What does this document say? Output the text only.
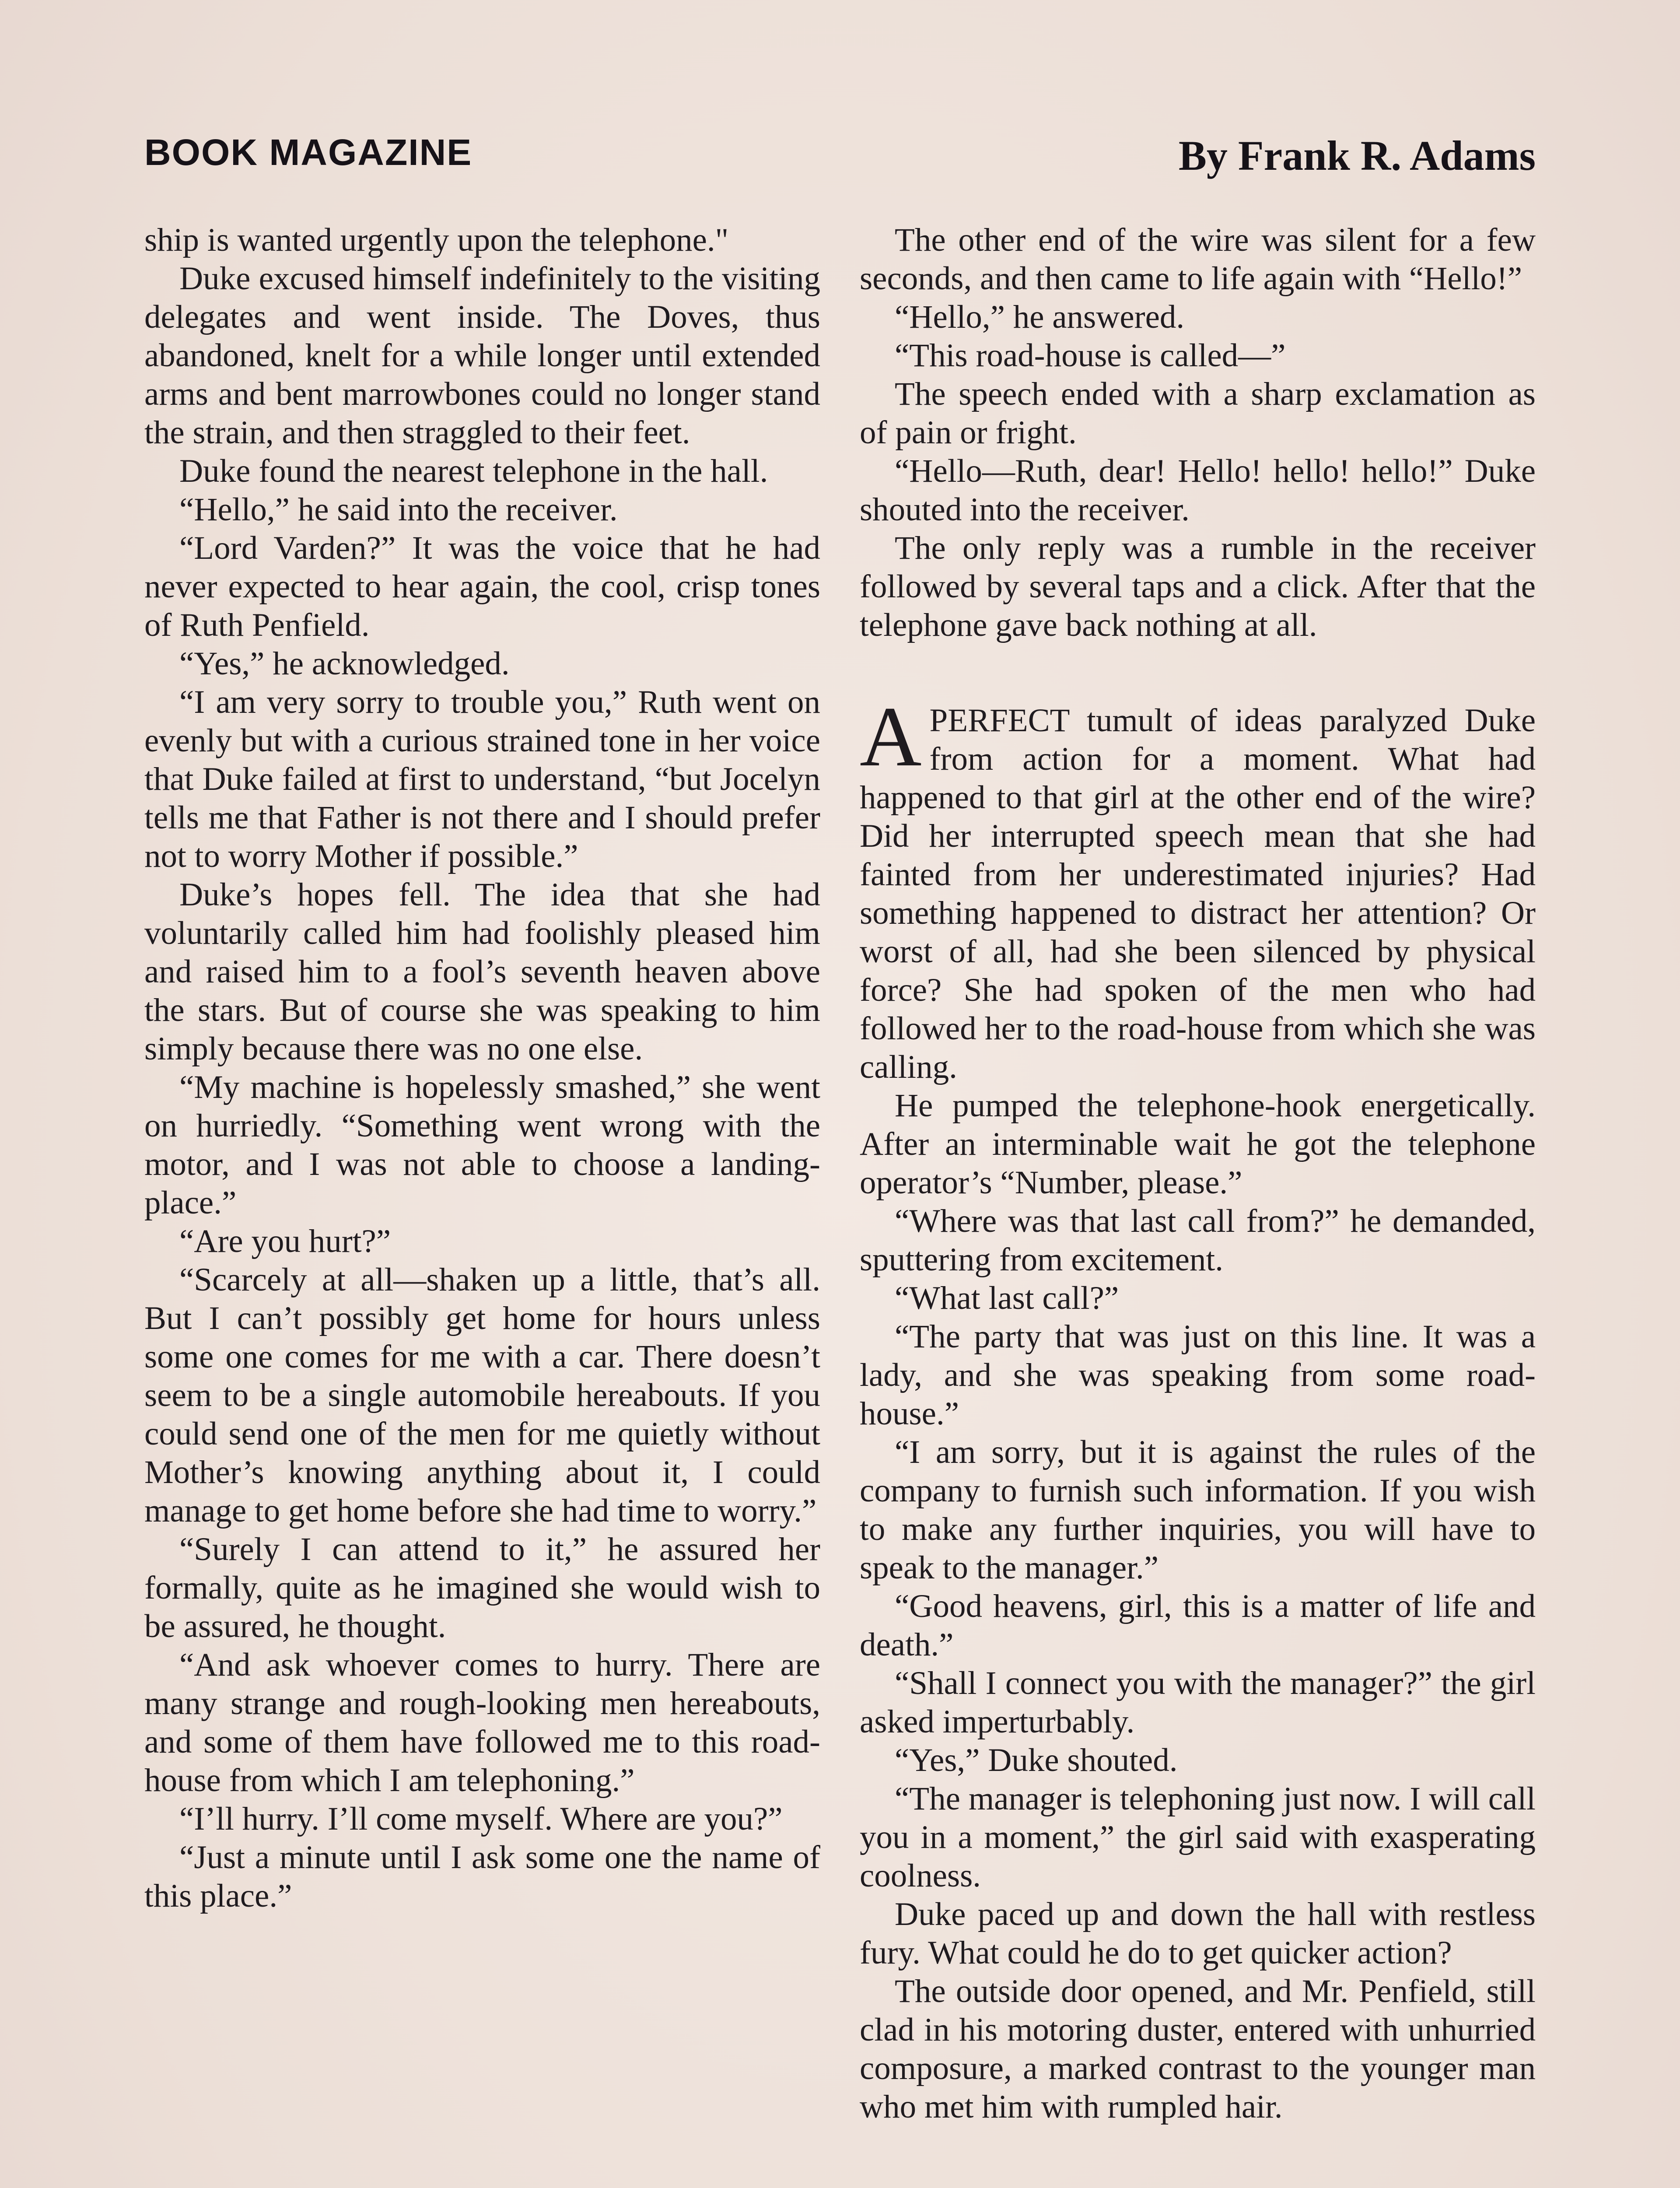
BOOK MAGAZINE	By Frank R. Adams

ship is wanted urgently upon the telephone."

Duke excused himself indefinitely to the visiting delegates and went inside. The Doves, thus abandoned, knelt for a while longer until extended arms and bent marrowbones could no longer stand the strain, and then straggled to their feet.

Duke found the nearest telephone in the hall.

“Hello,” he said into the receiver.

“Lord Varden?” It was the voice that he had never expected to hear again, the cool, crisp tones of Ruth Penfield.

“Yes,” he acknowledged.

“I am very sorry to trouble you,” Ruth went on evenly but with a curious strained tone in her voice that Duke failed at first to understand, “but Jocelyn tells me that Father is not there and I should prefer not to worry Mother if possible.”

Duke’s hopes fell. The idea that she had voluntarily called him had foolishly pleased him and raised him to a fool’s seventh heaven above the stars. But of course she was speaking to him simply because there was no one else.

“My machine is hopelessly smashed,” she went on hurriedly. “Something went wrong with the motor, and I was not able to choose a landing-place.”

“Are you hurt?”

“Scarcely at all—shaken up a little, that’s all. But I can’t possibly get home for hours unless some one comes for me with a car. There doesn’t seem to be a single automobile hereabouts. If you could send one of the men for me quietly without Mother’s knowing anything about it, I could manage to get home before she had time to worry.”

“Surely I can attend to it,” he assured her formally, quite as he imagined she would wish to be assured, he thought.

“And ask whoever comes to hurry. There are many strange and rough-looking men hereabouts, and some of them have followed me to this road-house from which I am telephoning.”

“I’ll hurry. I’ll come myself. Where are you?”

“Just a minute until I ask some one the name of this place.”

The other end of the wire was silent for a few seconds, and then came to life again with “Hello!”

“Hello,” he answered.

“This road-house is called—”

The speech ended with a sharp exclamation as of pain or fright.

“Hello—Ruth, dear! Hello! hello! hello!” Duke shouted into the receiver.

The only reply was a rumble in the receiver followed by several taps and a click. After that the telephone gave back nothing at all.

APERFECT tumult of ideas paralyzed Duke from action for a moment. What had happened to that girl at the other end of the wire? Did her interrupted speech mean that she had fainted from her underestimated injuries? Had something happened to distract her attention? Or worst of all, had she been silenced by physical force? She had spoken of the men who had followed her to the road-house from which she was calling.

He pumped the telephone-hook energetically. After an interminable wait he got the telephone operator’s “Number, please.”

“Where was that last call from?” he demanded, sputtering from excitement.

“What last call?”

“The party that was just on this line. It was a lady, and she was speaking from some road-house.”

“I am sorry, but it is against the rules of the company to furnish such information. If you wish to make any further inquiries, you will have to speak to the manager.”

“Good heavens, girl, this is a matter of life and death.”

“Shall I connect you with the manager?” the girl asked imperturbably.

“Yes,” Duke shouted.

“The manager is telephoning just now. I will call you in a moment,” the girl said with exasperating coolness.

Duke paced up and down the hall with restless fury. What could he do to get quicker action?

The outside door opened, and Mr. Penfield, still clad in his motoring duster, entered with unhurried composure, a marked contrast to the younger man who met him with rumpled hair.
